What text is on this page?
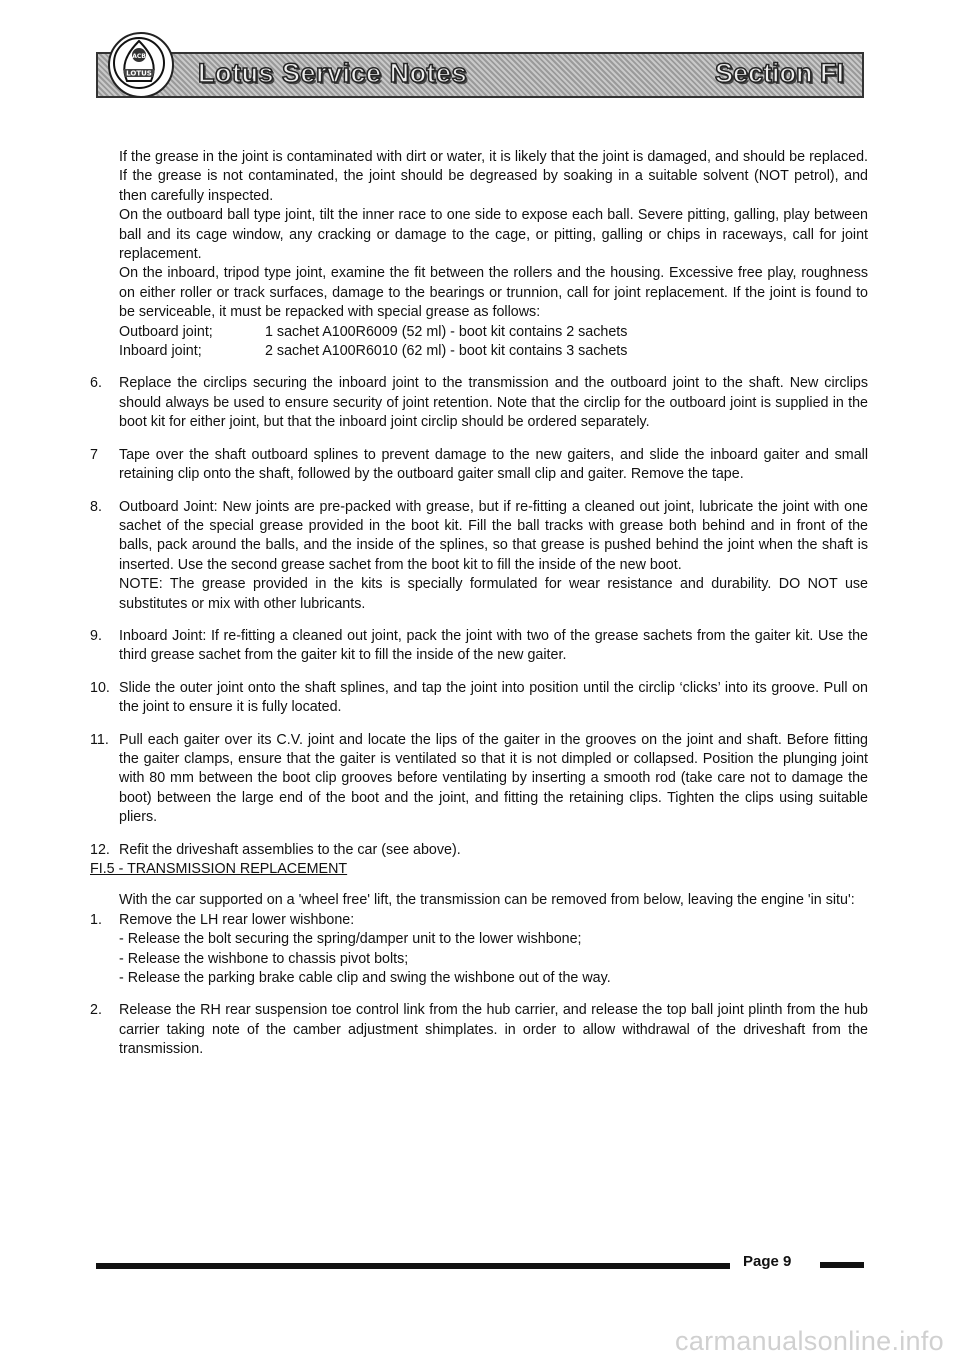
Lotus Service Notes	Section FI
ACB
LOTUS

If the grease in the joint is contaminated with dirt or water, it is likely that the joint is damaged, and should be replaced. If the grease is not contaminated, the joint should be degreased by soaking in a suitable solvent (NOT petrol), and then carefully inspected.

On the outboard ball type joint, tilt the inner race to one side to expose each ball. Severe pitting, galling, play between ball and its cage window, any cracking or damage to the cage, or pitting, galling or chips in raceways, call for joint replacement.

On the inboard, tripod type joint, examine the fit between the rollers and the housing. Excessive free play, roughness on either roller or track surfaces, damage to the bearings or trunnion, call for joint replacement. If the joint is found to be serviceable, it must be repacked with special grease as follows:

Outboard joint;	1 sachet A100R6009 (52 ml) - boot kit contains 2 sachets
Inboard joint;	2 sachet A100R6010 (62 ml) - boot kit contains 3 sachets
6.	Replace the circlips securing the inboard joint to the transmission and the outboard joint to the shaft. New circlips should always be used to ensure security of joint retention. Note that the circlip for the outboard joint is supplied in the boot kit for either joint, but that the inboard joint circlip should be ordered separately.

7	Tape over the shaft outboard splines to prevent damage to the new gaiters, and slide the inboard gaiter and small retaining clip onto the shaft, followed by the outboard gaiter small clip and gaiter. Remove the tape.

8.	Outboard Joint: New joints are pre-packed with grease, but if re-fitting a cleaned out joint, lubricate the joint with one sachet of the special grease provided in the boot kit. Fill the ball tracks with grease both behind and in front of the balls, pack around the balls, and the inside of the splines, so that grease is pushed behind the joint when the shaft is inserted. Use the second grease sachet from the boot kit to fill the inside of the new boot.

NOTE: The grease provided in the kits is specially formulated for wear resistance and durability. DO NOT use substitutes or mix with other lubricants.

9.	Inboard Joint: If re-fitting a cleaned out joint, pack the joint with two of the grease sachets from the gaiter kit. Use the third grease sachet from the gaiter kit to fill the inside of the new gaiter.

10. Slide the outer joint onto the shaft splines, and tap the joint into position until the circlip ‘clicks’ into its groove. Pull on the joint to ensure it is fully located.

11. Pull each gaiter over its C.V. joint and locate the lips of the gaiter in the grooves on the joint and shaft. Before fitting the gaiter clamps, ensure that the gaiter is ventilated so that it is not dimpled or collapsed. Position the plunging joint with 80 mm between the boot clip grooves before ventilating by inserting a smooth rod (take care not to damage the boot) between the large end of the boot and the joint, and fitting the retaining clips. Tighten the clips using suitable pliers.

12. Refit the driveshaft assemblies to the car (see above).

FI.5 - TRANSMISSION REPLACEMENT

With the car supported on a 'wheel free' lift, the transmission can be removed from below, leaving the engine 'in situ':

1.	Remove the LH rear lower wishbone:

- Release the bolt securing the spring/damper unit to the lower wishbone;

- Release the wishbone to chassis pivot bolts;

- Release the parking brake cable clip and swing the wishbone out of the way.

2.	Release the RH rear suspension toe control link from the hub carrier, and release the top ball joint plinth from the hub carrier taking note of the camber adjustment shimplates. in order to allow withdrawal of the driveshaft from the transmission.

Page 9
carmanualsonline.info
